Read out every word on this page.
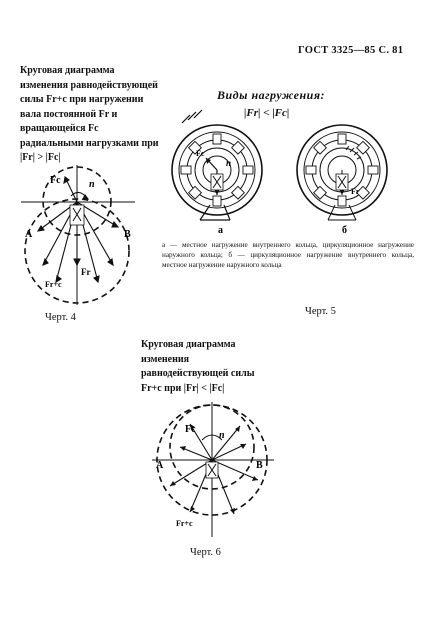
ГОСТ 3325—85 С. 81
Круговая диаграмма изменения равнодействующей силы Fr+c при нагружении вала постоянной Fr и вращающейся Fc радиальными нагрузками при |Fr| > |Fc|
Fc	n
A	B
Fr
Fr+c
Черт. 4
Виды нагружения:
|Fr| < |Fc|
а
n
Fc
б
Fr
а — местное нагружение внутреннего кольца, циркуляционное нагружение наружного кольца; б — циркуляционное нагружение внутреннего кольца, местное нагружение наружного кольца
Черт. 5
Круговая диаграмма изменения равнодействующей силы Fr+c при |Fr| < |Fc|
Fc
n
A	B
Fr+c
Черт. 6
